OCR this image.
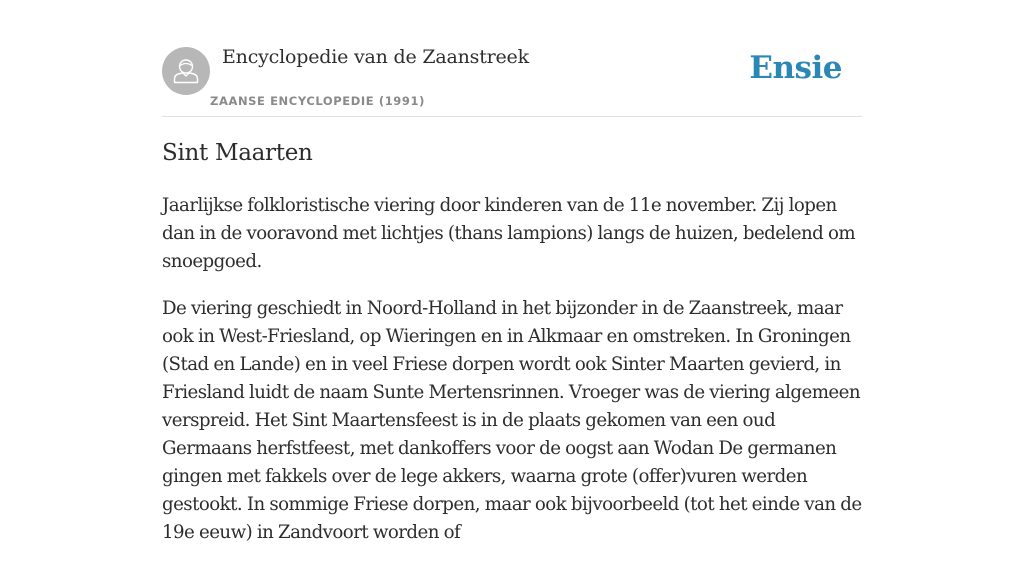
Encyclopedie van de Zaanstreek
ZAANSE ENCYCLOPEDIE (1991)
Ensie
Sint Maarten

Jaarlijkse folkloristische viering door kinderen van de 11e november. Zij lopen dan in de vooravond met lichtjes (thans lampions) langs de huizen, bedelend om snoepgoed.

De viering geschiedt in Noord-Holland in het bijzonder in de Zaanstreek, maar ook in West-Friesland, op Wieringen en in Alkmaar en omstreken. In Groningen (Stad en Lande) en in veel Friese dorpen wordt ook Sinter Maarten gevierd, in Friesland luidt de naam Sunte Mertensrinnen. Vroeger was de viering algemeen verspreid. Het Sint Maartensfeest is in de plaats gekomen van een oud Germaans herfstfeest, met dankoffers voor de oogst aan Wodan De germanen gingen met fakkels over de lege akkers, waarna grote (offer)vuren werden gestookt. In sommige Friese dorpen, maar ook bijvoorbeeld (tot het einde van de 19e eeuw) in Zandvoort worden of
